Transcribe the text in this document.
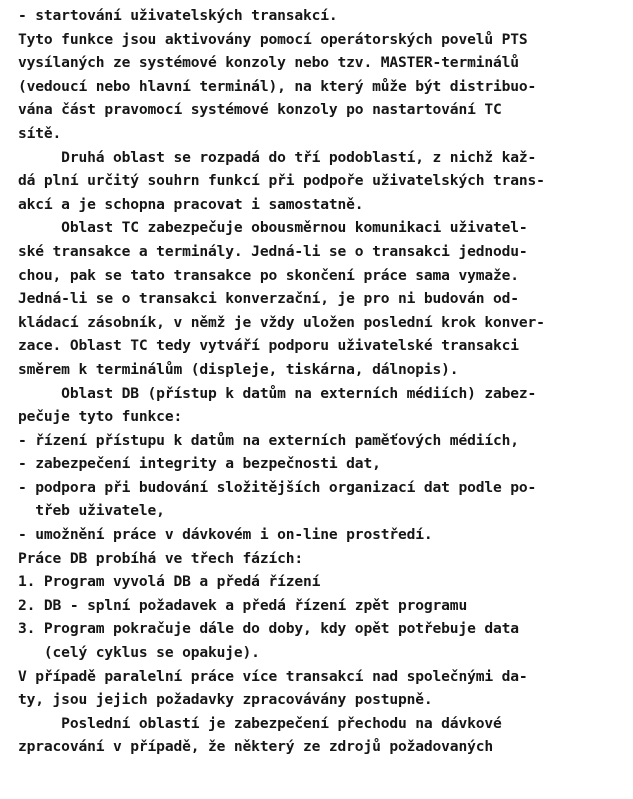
- startování uživatelských transakcí.
Tyto funkce jsou aktivovány pomocí operátorských povelů PTS
vysílaných ze systémové konzoly nebo tzv. MASTER-terminálů
(vedoucí nebo hlavní terminál), na který může být distribuo-
vána část pravomocí systémové konzoly po nastartování TC
sítě.
Druhá oblast se rozpadá do tří podoblastí, z nichž kaž-
dá plní určitý souhrn funkcí při podpoře uživatelských trans-
akcí a je schopna pracovat i samostatně.
Oblast TC zabezpečuje obousměrnou komunikaci uživatel-
ské transakce a terminály. Jedná-li se o transakci jednodu-
chou, pak se tato transakce po skončení práce sama vymaže.
Jedná-li se o transakci konverzační, je pro ni budován od-
kládací zásobník, v němž je vždy uložen poslední krok konver-
zace. Oblast TC tedy vytváří podporu uživatelské transakci
směrem k terminálům (displeje, tiskárna, dálnopis).
Oblast DB (přístup k datům na externích médiích) zabez-
pečuje tyto funkce:
- řízení přístupu k datům na externích paměťových médiích,
- zabezpečení integrity a bezpečnosti dat,
- podpora při budování složitějších organizací dat podle po-
třeb uživatele,
- umožnění práce v dávkovém i on-line prostředí.
Práce DB probíhá ve třech fázích:
1. Program vyvolá DB a předá řízení
2. DB - splní požadavek a předá řízení zpět programu
3. Program pokračuje dále do doby, kdy opět potřebuje data
(celý cyklus se opakuje).
V případě paralelní práce více transakcí nad společnými da-
ty, jsou jejich požadavky zpracovávány postupně.
Poslední oblastí je zabezpečení přechodu na dávkové
zpracování v případě, že některý ze zdrojů požadovaných
